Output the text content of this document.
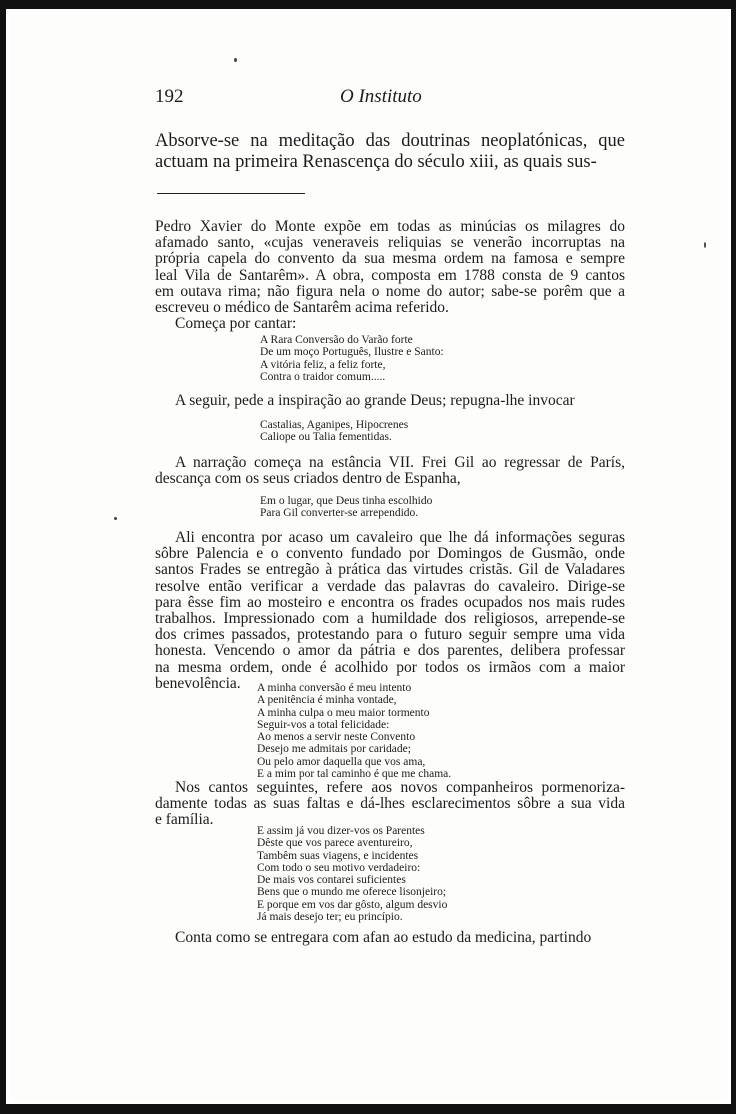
192	O Instituto
Absorve-se na meditação das doutrinas neoplatónicas, que
actuam na primeira Renascença do século xiii, as quais sus-
Pedro Xavier do Monte expõe em todas as minúcias os milagres do
afamado santo, «cujas veneraveis reliquias se venerão incorruptas na
própria capela do convento da sua mesma ordem na famosa e sempre
leal Vila de Santarêm». A obra, composta em 1788 consta de 9 cantos
em outava rima; não figura nela o nome do autor; sabe-se porêm que a
escreveu o médico de Santarêm acima referido.
Começa por cantar:
A Rara Conversão do Varão forte
De um moço Português, Ilustre e Santo:
A vitória feliz, a feliz forte,
Contra o traidor comum.....
A seguir, pede a inspiração ao grande Deus; repugna-lhe invocar
Castalias, Aganipes, Hipocrenes
Caliope ou Talia fementidas.
A narração começa na estância VII. Frei Gil ao regressar de París,
descança com os seus criados dentro de Espanha,
Em o lugar, que Deus tinha escolhido
Para Gil converter-se arrependido.
Ali encontra por acaso um cavaleiro que lhe dá informações seguras
sôbre Palencia e o convento fundado por Domingos de Gusmão, onde
santos Frades se entregão à prática das virtudes cristãs. Gil de Valadares
resolve então verificar a verdade das palavras do cavaleiro. Dirige-se
para êsse fim ao mosteiro e encontra os frades ocupados nos mais rudes
trabalhos. Impressionado com a humildade dos religiosos, arrepende-se
dos crimes passados, protestando para o futuro seguir sempre uma vida
honesta. Vencendo o amor da pátria e dos parentes, delibera professar
na mesma ordem, onde é acolhido por todos os irmãos com a maior
benevolência.	A minha conversão é meu intento
A penitência é minha vontade,
A minha culpa o meu maior tormento
Seguir-vos a total felicidade:
Ao menos a servir neste Convento
Desejo me admitais por caridade;
Ou pelo amor daquella que vos ama,
E a mim por tal caminho é que me chama.
Nos cantos seguintes, refere aos novos companheiros pormenoriza-
damente todas as suas faltas e dá-lhes esclarecimentos sôbre a sua vida
e família.
E assim já vou dizer-vos os Parentes
Dêste que vos parece aventureiro,
Tambêm suas viagens, e incidentes
Com todo o seu motivo verdadeiro:
De mais vos contarei suficientes
Bens que o mundo me oferece lisonjeiro;
E porque em vos dar gôsto, algum desvio
Já mais desejo ter; eu princípio.
Conta como se entregara com afan ao estudo da medicina, partindo
